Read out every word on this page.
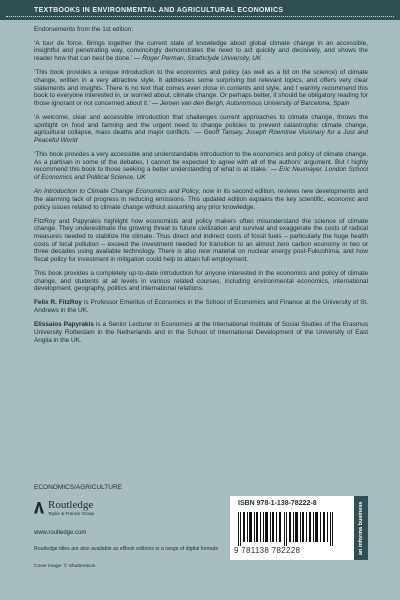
TEXTBOOKS IN ENVIRONMENTAL AND AGRICULTURAL ECONOMICS
Endorsements from the 1st edition:

‘A tour de force. Brings together the current state of knowledge about global climate change in an accessible, insightful and penetrating way, convincingly demonstrates the need to act quickly and decisively, and shows the reader how that can best be done.’ — Roger Perman, Strathclyde University, UK

‘This book provides a unique introduction to the economics and policy (as well as a bit on the science) of climate change, written in a very attractive style. It addresses some surprising but relevant topics, and offers very clear statements and insights. There is no text that comes even close in contents and style, and I warmly recommend this book to everyone interested in, or worried about, climate change. Or perhaps better, it should be obligatory reading for those ignorant or not concerned about it.’ — Jeroen van den Bergh, Autonomous University of Barcelona, Spain

‘A welcome, clear and accessible introduction that challenges current approaches to climate change, throws the spotlight on food and farming and the urgent need to change policies to prevent catastrophic climate change, agricultural collapse, mass deaths and major conflicts.’ — Geoff Tansey, Joseph Rowntree Visionary for a Just and Peaceful World

‘This book provides a very accessible and understandable introduction to the economics and policy of climate change. As a partisan in some of the debates, I cannot be expected to agree with all of the authors’ argument. But I highly recommend this book to those seeking a better understanding of what is at stake.’ — Eric Neumayer, London School of Economics and Political Science, UK

An Introduction to Climate Change Economics and Policy, now in its second edition, reviews new developments and the alarming lack of progress in reducing emissions. This updated edition explains the key scientific, economic and policy issues related to climate change without assuming any prior knowledge.

FitzRoy and Papyrakis highlight how economists and policy makers often misunderstand the science of climate change. They underestimate the growing threat to future civilization and survival and exaggerate the costs of radical measures needed to stabilize the climate. Thus direct and indirect costs of fossil fuels – particularly the huge health costs of local pollution – exceed the investment needed for transition to an almost zero carbon economy in two or three decades using available technology. There is also new material on nuclear energy post-Fukushima, and how fiscal policy for investment in mitigation could help to attain full employment.

This book provides a completely up-to-date introduction for anyone interested in the economics and policy of climate change, and students at all levels in various related courses, including environmental economics, international development, geography, politics and international relations.

Felix R. FitzRoy is Professor Emeritus of Economics in the School of Economics and Finance at the University of St. Andrews in the UK.

Elissaios Papyrakis is a Senior Lecturer in Economics at the International Institute of Social Studies of the Erasmus University Rotterdam in the Netherlands and in the School of International Development of the University of East Anglia in the UK.

ECONOMICS/AGRICULTURE
Routledge
Taylor & Francis Group
www.routledge.com
Routledge titles are also available as eBook editions in a range of digital formats
Cover image: © Shutterstock
ISBN 978-1-138-78222-8
9 781138 782228	an informa business
